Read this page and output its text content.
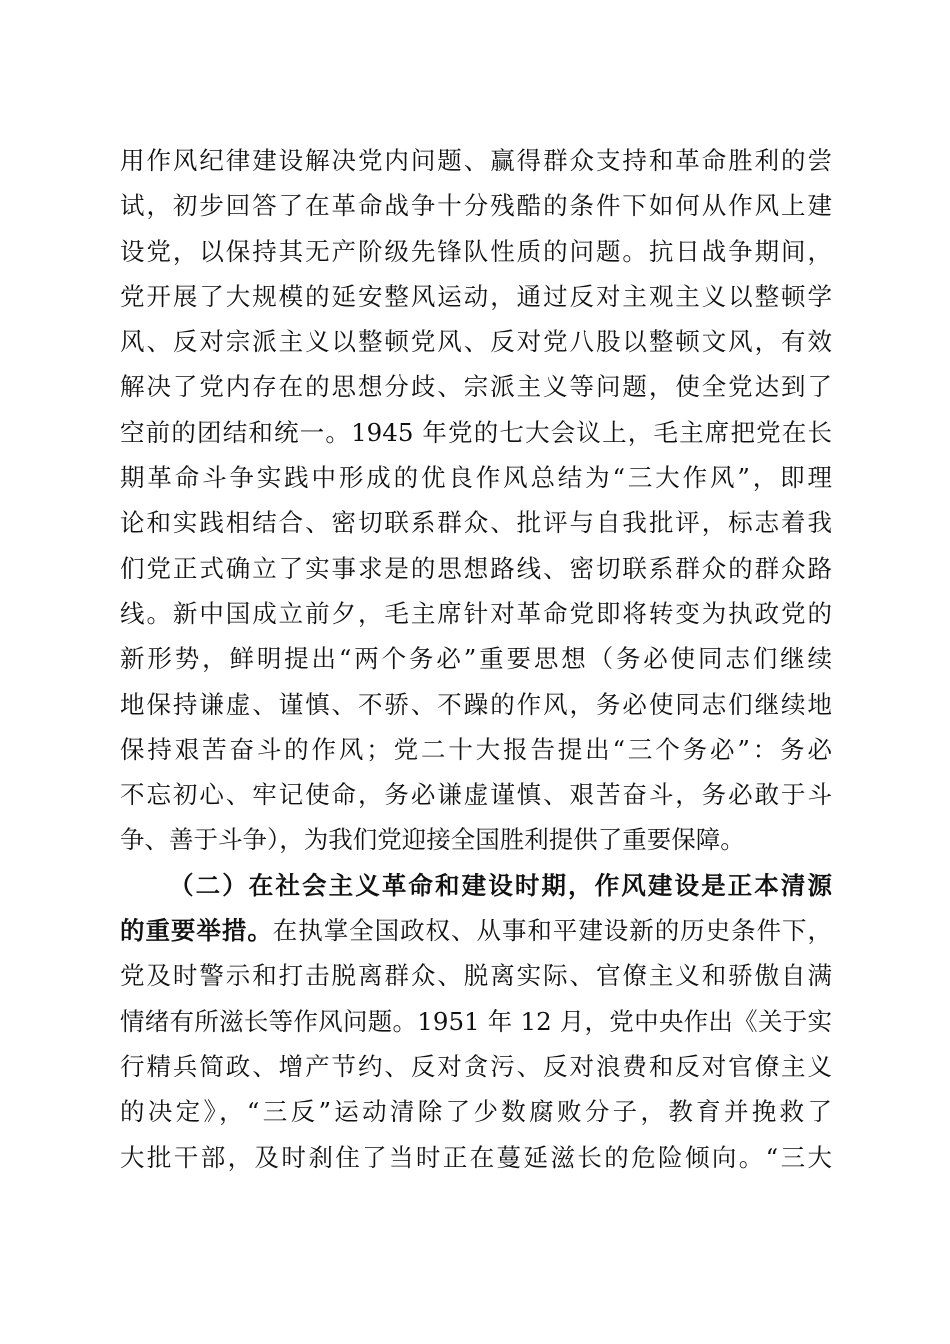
用作风纪律建设解决党内问题、赢得群众支持和革命胜利的尝
试，初步回答了在革命战争十分残酷的条件下如何从作风上建
设党，以保持其无产阶级先锋队性质的问题。抗日战争期间，
党开展了大规模的延安整风运动，通过反对主观主义以整顿学
风、反对宗派主义以整顿党风、反对党八股以整顿文风，有效
解决了党内存在的思想分歧、宗派主义等问题，使全党达到了
空前的团结和统一。1945 年党的七大会议上，毛主席把党在长
期革命斗争实践中形成的优良作风总结为“三大作风”，即理
论和实践相结合、密切联系群众、批评与自我批评，标志着我
们党正式确立了实事求是的思想路线、密切联系群众的群众路
线。新中国成立前夕，毛主席针对革命党即将转变为执政党的
新形势，鲜明提出“两个务必”重要思想（务必使同志们继续
地保持谦虚、谨慎、不骄、不躁的作风，务必使同志们继续地
保持艰苦奋斗的作风；党二十大报告提出“三个务必”：务必
不忘初心、牢记使命，务必谦虚谨慎、艰苦奋斗，务必敢于斗
争、善于斗争），为我们党迎接全国胜利提供了重要保障。
（二）在社会主义革命和建设时期，作风建设是正本清源
的重要举措。在执掌全国政权、从事和平建设新的历史条件下，
党及时警示和打击脱离群众、脱离实际、官僚主义和骄傲自满
情绪有所滋长等作风问题。1951 年 12 月，党中央作出《关于实
行精兵简政、增产节约、反对贪污、反对浪费和反对官僚主义
的决定》，“三反”运动清除了少数腐败分子，教育并挽救了
大批干部，及时刹住了当时正在蔓延滋长的危险倾向。“三大
